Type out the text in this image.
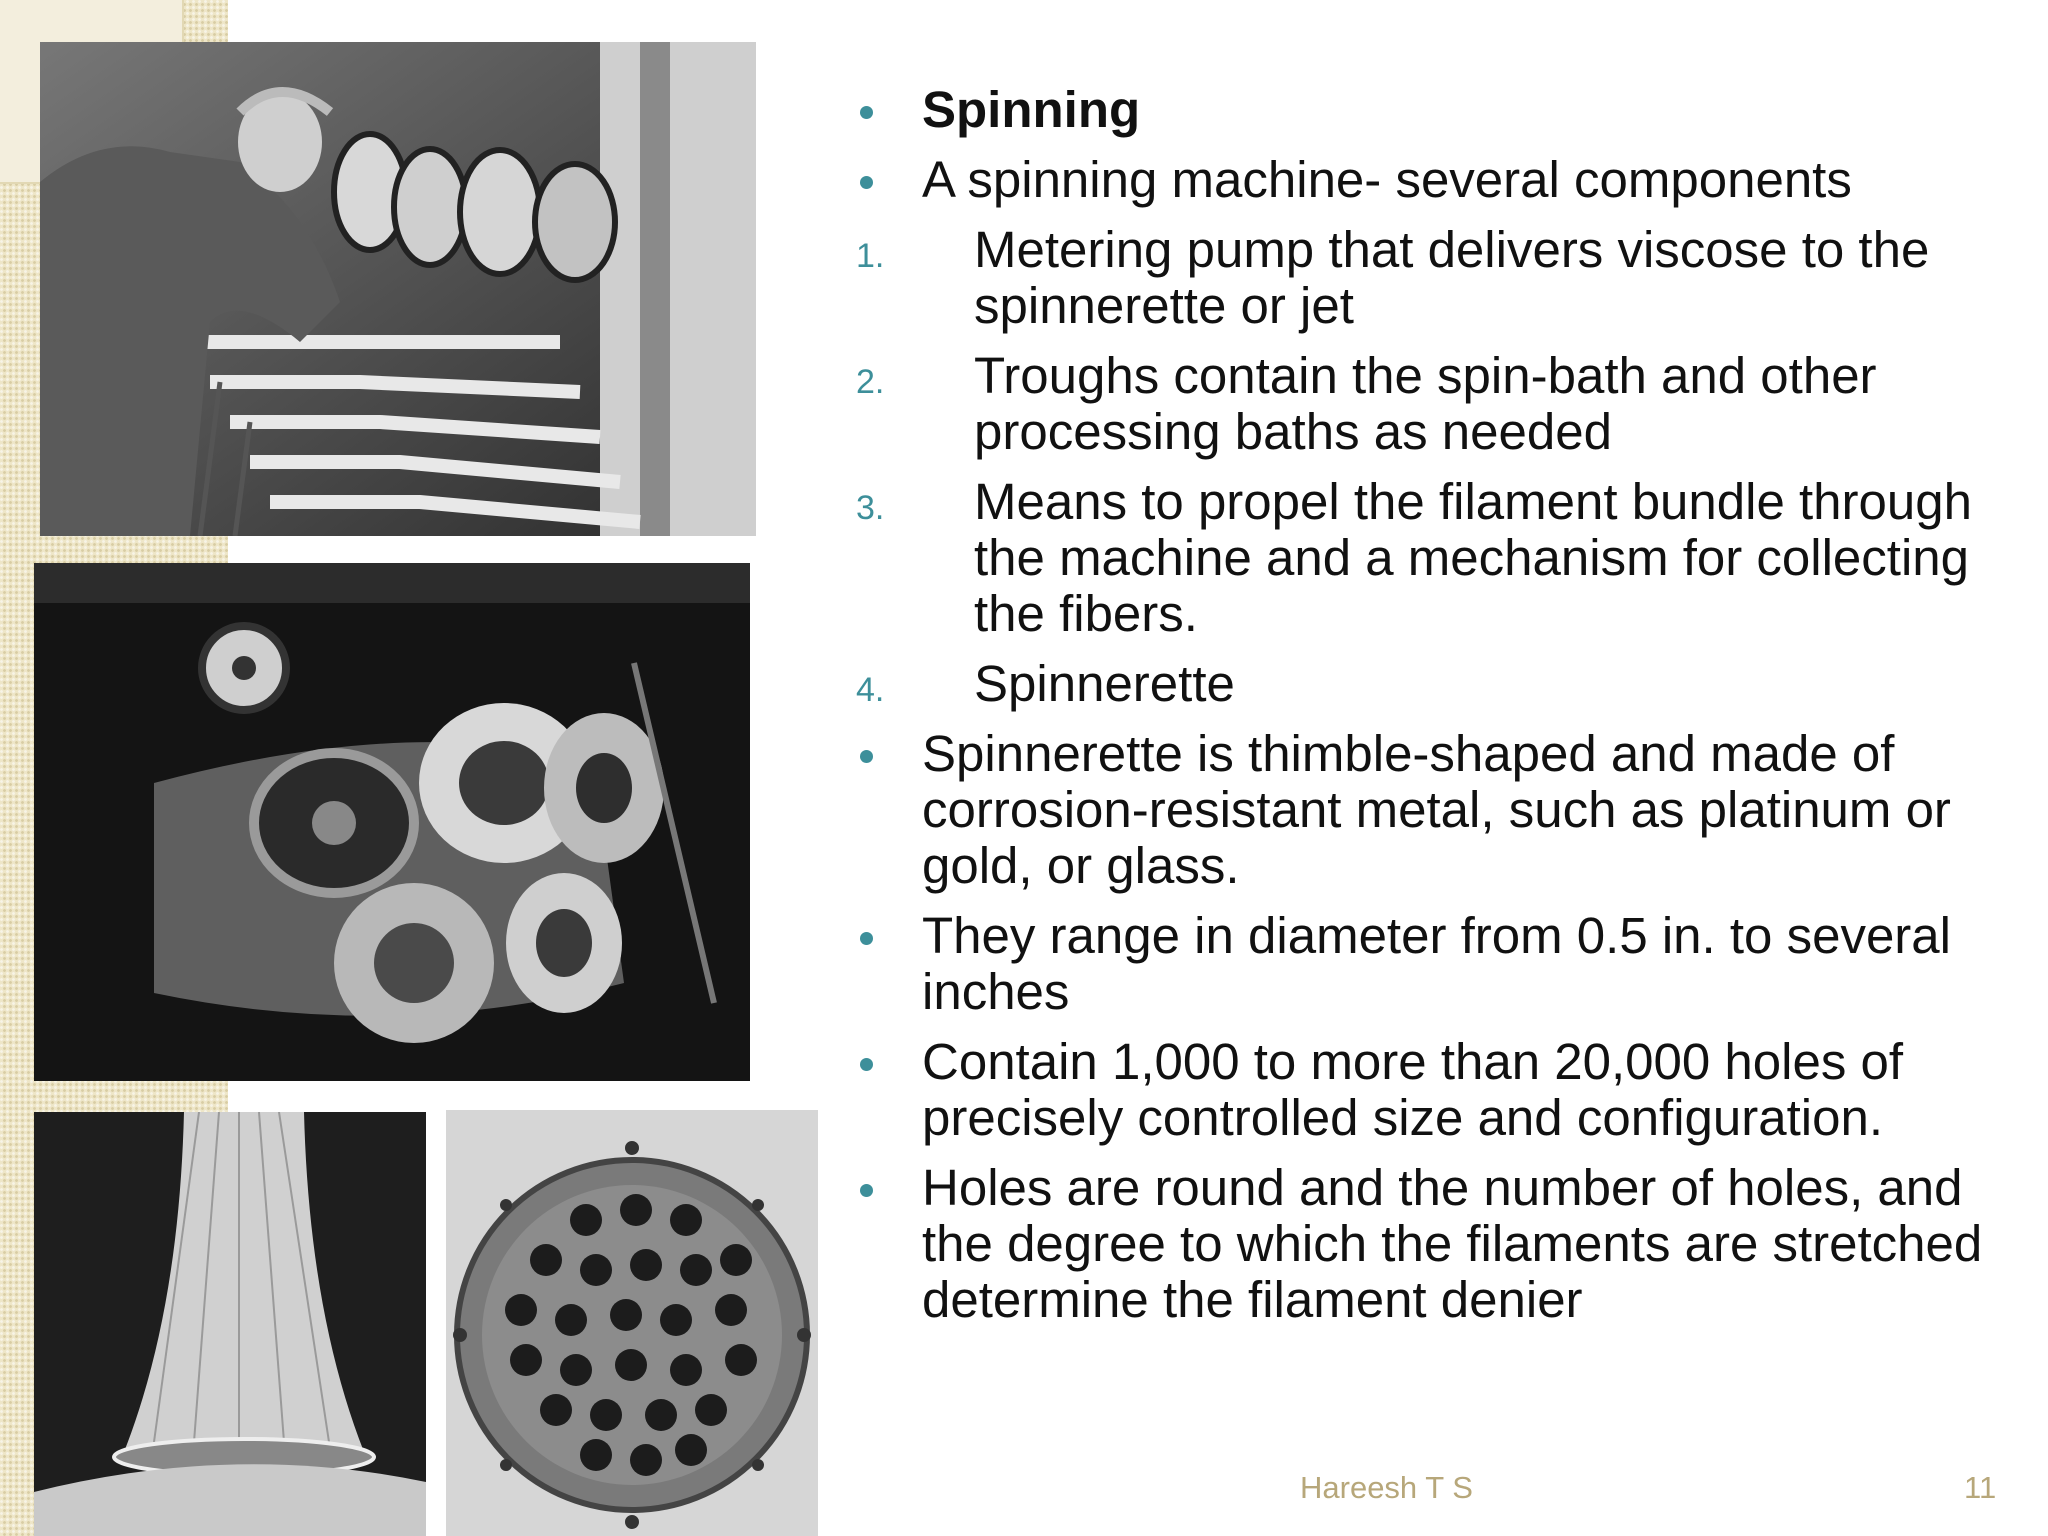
Spinning
A spinning machine- several components
1. Metering pump that delivers viscose to the spinnerette or jet
2. Troughs contain the spin-bath and other processing baths as needed
3. Means to propel the filament bundle through the machine and a mechanism for collecting the fibers.
4. Spinnerette
Spinnerette is thimble-shaped and made of corrosion-resistant metal, such as platinum or gold, or glass.
They range in diameter from 0.5 in. to several inches
Contain 1,000 to more than 20,000 holes of precisely controlled size and configuration.
Holes are round and the number of holes, and the degree to which the filaments are stretched determine the filament denier
Hareesh T S	11
